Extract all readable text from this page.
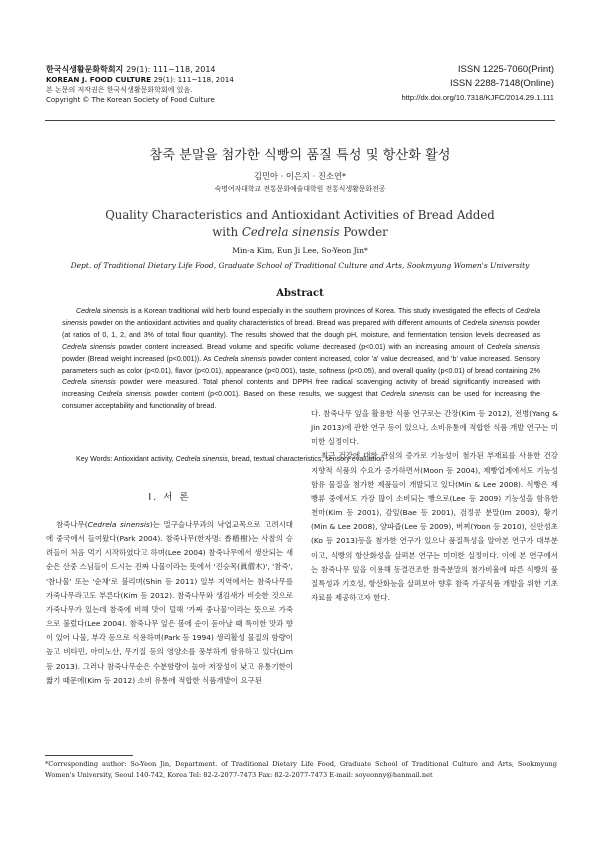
한국식생활문화학회지 29(1): 111~118, 2014
KOREAN J. FOOD CULTURE 29(1): 111~118, 2014
본 논문의 저작권은 한국식생활문화학회에 있음.
Copyright © The Korean Society of Food Culture
ISSN 1225-7060(Print)
ISSN 2288-7148(Online)
http://dx.doi.org/10.7318/KJFC/2014.29.1.111
참죽 분말을 첨가한 식빵의 품질 특성 및 항산화 활성
김민아 · 이은지 · 진소연*
숙명여자대학교 전통문화예술대학원 전통식생활문화전공
Quality Characteristics and Antioxidant Activities of Bread Added
with Cedrela sinensis Powder
Min-a Kim, Eun Ji Lee, So-Yeon Jin*
Dept. of Traditional Dietary Life Food, Graduate School of Traditional Culture and Arts, Sookmyung Women's University
Abstract
Cedrela sinensis is a Korean traditional wild herb found especially in the southern provinces of Korea. This study investigated the effects of Cedrela sinensis powder on the antioxidant activities and quality characteristics of bread. Bread was prepared with different amounts of Cedrela sinensis powder (at ratios of 0, 1, 2, and 3% of total flour quantity). The results showed that the dough pH, moisture, and fermentation tension levels decreased as Cedrela sinensis powder content increased. Bread volume and specific volume decreased (p<0.01) with an increasing amount of Cedrela sinensis powder (Bread weight increased (p<0.001)). As Cedrela sinensis powder content increased, color 'a' value decreased, and 'b' value increased. Sensory parameters such as color (p<0.01), flavor (p<0.01), appearance (p<0.001), taste, softness (p<0.05), and overall quality (p<0.01) of bread containing 2% Cedrela sinensis powder were measured. Total phenol contents and DPPH free radical scavenging activity of bread significantly increased with increasing Cedrela sinensis powder content (p<0.001). Based on these results, we suggest that Cedrela sinensis can be used for increasing the consumer acceptability and functionality of bread.
Key Words: Antioxidant activity, Cedrela sinensis, bread, textual characteristics, sensory evaluation
Ⅰ. 서 론

참죽나무(Cedrela sinensis)는 멀구슬나무과의 낙엽교목으로 고려시대에 중국에서 들여왔다(Park 2004). 참죽나무(한자명: 香椿樹)는 사찰의 승려들이 처음 먹기 시작하였다고 하며(Lee 2004) 참죽나무에서 생산되는 새순은 산중 스님들이 드시는 진짜 나물이라는 뜻에서 '진승목(眞僧木)', '참죽', '참나물' 또는 '순채'로 불리며(Shin 등 2011) 일부 지역에서는 참죽나무를 가죽나무라고도 부른다(Kim 등 2012). 참죽나무와 생김새가 비슷한 것으로 가죽나무가 있는데 참죽에 비해 맛이 덜해 '가짜 중나물'이라는 뜻으로 가죽으로 불렀다(Lee 2004). 참죽나무 잎은 봄에 순이 돋아날 때 특이한 맛과 향이 있어 나물, 부각 등으로 식용하며(Park 등 1994) 생리활성 물질의 함량이 높고 비타민, 아미노산, 무기질 등의 영양소를 풍부하게 함유하고 있다(Lim 등 2013). 그러나 참죽나무순은 수분함량이 높아 저장성이 낮고 유통기한이 짧기 때문에(Kim 등 2012) 소비 유통에 적합한 식품개발이 요구된

다. 참죽나무 잎을 활용한 식품 연구로는 간장(Kim 등 2012), 전병(Yang & Jin 2013)에 관한 연구 등이 있으나, 소비유통에 적합한 식품 개발 연구는 미미한 실정이다.

최근 건강에 대한 관심의 증가로 기능성이 첨가된 부재료를 사용한 건강 지향적 식품의 수요가 증가하면서(Moon 등 2004), 제빵업계에서도 기능성 함유 물질을 첨가한 제품들이 개발되고 있다(Min & Lee 2008). 식빵은 제빵류 중에서도 가장 많이 소비되는 빵으로(Lee 등 2009) 기능성을 함유한 천마(Kim 등 2001), 감잎(Bae 등 2001), 검정콩 분말(Im 2003), 황기(Min & Lee 2008), 양파즙(Lee 등 2009), 버찌(Yoon 등 2010), 신안섬초(Ko 등 2013)등을 첨가한 연구가 있으나 품질특성을 알아본 연구가 대부분이고, 식빵의 항산화성을 살펴본 연구는 미미한 실정이다. 이에 본 연구에서는 참죽나무 잎을 이용해 동결건조한 참죽분말의 첨가비율에 따른 식빵의 품질특성과 기호성, 항산화능을 살펴보아 향후 참죽 가공식품 개발을 위한 기초자료를 제공하고자 한다.

*Corresponding author: So-Yeon Jin, Department. of Traditional Dietary Life Food, Graduate School of Traditional Culture and Arts, Sookmyung Women's University, Seoul 140-742, Korea Tel: 82-2-2077-7473 Fax: 82-2-2077-7473 E-mail: soyeonny@hanmail.net
